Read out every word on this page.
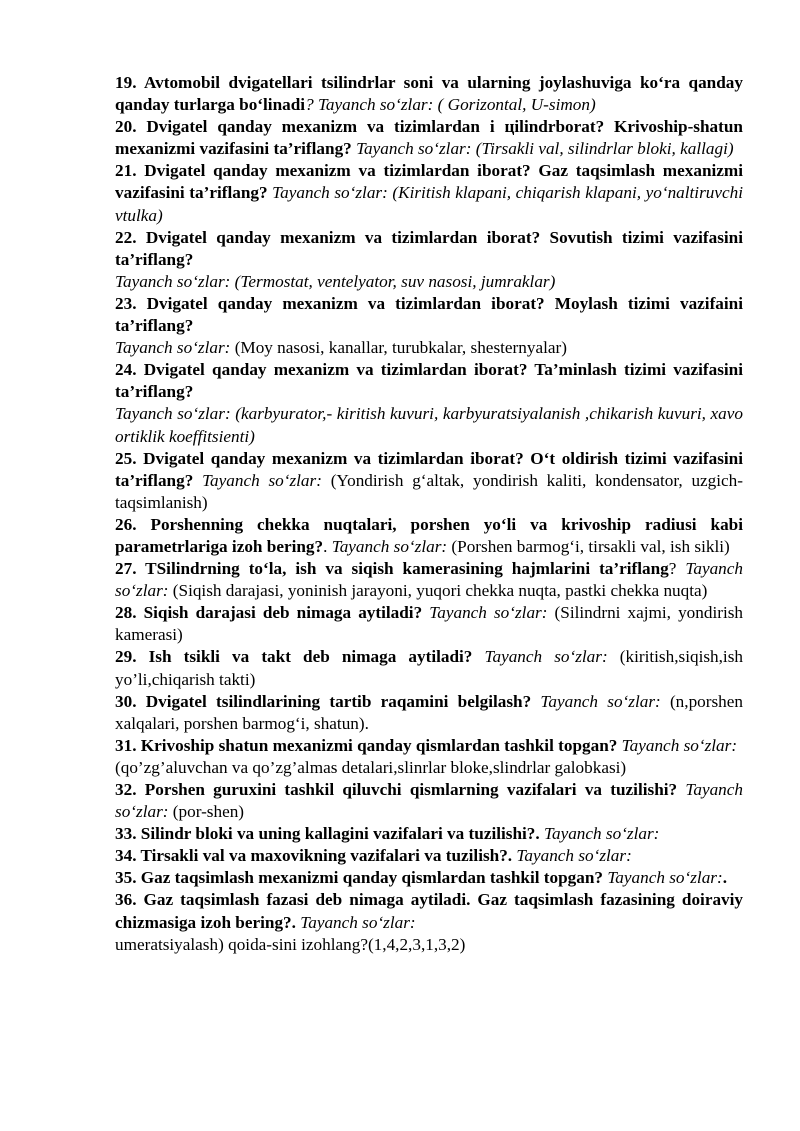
19. Avtomobil dvigatellari tsilindrlar soni va ularning joylashuviga ko‘ra qanday qanday turlarga bo‘linadi? Tayanch so‘zlar: ( Gorizontal, U-simon)

20. Dvigatel qanday mexanizm va tizimlardan i цilindrborat? Krivoship-shatun mexanizmi vazifasini ta’riflang? Tayanch so‘zlar: (Tirsakli val, silindrlar bloki, kallagi)

21. Dvigatel qanday mexanizm va tizimlardan iborat? Gaz taqsimlash mexanizmi vazifasini ta’riflang? Tayanch so‘zlar: (Kiritish klapani, chiqarish klapani, yo‘naltiruvchi vtulka)

22. Dvigatel qanday mexanizm va tizimlardan iborat? Sovutish tizimi vazifasini ta’riflang?
Tayanch so‘zlar: (Termostat, ventelyator, suv nasosi, jumraklar)

23. Dvigatel qanday mexanizm va tizimlardan iborat? Moylash tizimi vazifaini ta’riflang?
Tayanch so‘zlar: (Moy nasosi, kanallar, turubkalar, shesternyalar)

24. Dvigatel qanday mexanizm va tizimlardan iborat? Ta’minlash tizimi vazifasini ta’riflang?
Tayanch so‘zlar: (karbyurator,- kiritish kuvuri, karbyuratsiyalanish ,chikarish kuvuri, xavo ortiklik koeffitsienti)

25. Dvigatel qanday mexanizm va tizimlardan iborat? O‘t oldirish tizimi vazifasini ta’riflang? Tayanch so‘zlar: (Yondirish g‘altak, yondirish kaliti, kondensator, uzgich-taqsimlanish)

26. Porshenning chekka nuqtalari, porshen yo‘li va krivoship radiusi kabi parametrlariga izoh bering?. Tayanch so‘zlar: (Porshen barmog‘i, tirsakli val, ish sikli)

27. TSilindrning to‘la, ish va siqish kamerasining hajmlarini ta’riflang? Tayanch so‘zlar: (Siqish darajasi, yoninish jarayoni, yuqori chekka nuqta, pastki chekka nuqta)

28. Siqish darajasi deb nimaga aytiladi? Tayanch so‘zlar: (Silindrni xajmi, yondirish kamerasi)

29. Ish tsikli va takt deb nimaga aytiladi? Tayanch so‘zlar: (kiritish,siqish,ish yo’li,chiqarish takti)

30. Dvigatel tsilindlarining tartib raqamini belgilash? Tayanch so‘zlar: (n,porshen xalqalari, porshen barmog‘i, shatun).

31. Krivoship shatun mexanizmi qanday qismlardan tashkil topgan? Tayanch so‘zlar: (qo’zg’aluvchan va qo’zg’almas detalari,slinrlar bloke,slindrlar galobkasi)

32. Porshen guruxini tashkil qiluvchi qismlarning vazifalari va tuzilishi? Tayanch so‘zlar: (por-shen)

33. Silindr bloki va uning kallagini vazifalari va tuzilishi?. Tayanch so‘zlar:

34. Tirsakli val va maxovikning vazifalari va tuzilish?. Tayanch so‘zlar:

35. Gaz taqsimlash mexanizmi qanday qismlardan tashkil topgan? Tayanch so‘zlar:.

36. Gaz taqsimlash fazasi deb nimaga aytiladi. Gaz taqsimlash fazasining doiraviy chizmasiga izoh bering?. Tayanch so‘zlar:

umeratsiyalash) qoida-sini izohlang?(1,4,2,3,1,3,2)
